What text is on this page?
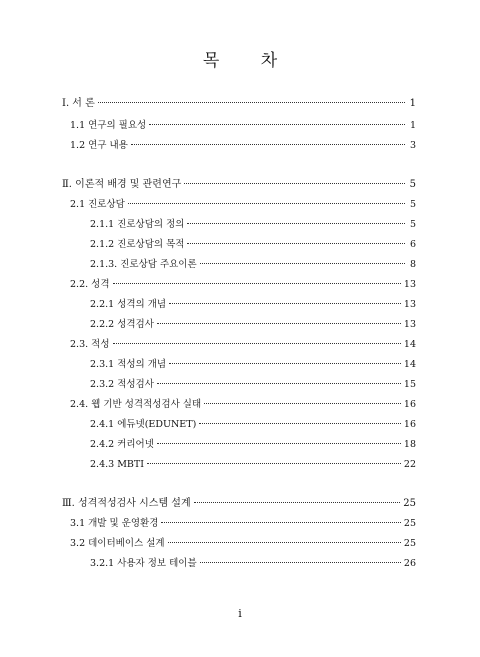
목 차
Ⅰ. 서 론	1
1.1 연구의 필요성	1
1.2 연구 내용	3
Ⅱ. 이론적 배경 및 관련연구	5
2.1 진로상담	5
2.1.1 진로상담의 정의	5
2.1.2 진로상담의 목적	6
2.1.3. 진로상담 주요이론	8
2.2. 성격	13
2.2.1 성격의 개념	13
2.2.2 성격검사	13
2.3. 적성	14
2.3.1 적성의 개념	14
2.3.2 적성검사	15
2.4. 웹 기반 성격적성검사 실태	16
2.4.1 에듀넷(EDUNET)	16
2.4.2 커리어넷	18
2.4.3 MBTI	22
Ⅲ. 성격적성검사 시스템 설계	25
3.1 개발 및 운영환경	25
3.2 데이터베이스 설계	25
3.2.1 사용자 정보 테이블	26
i
